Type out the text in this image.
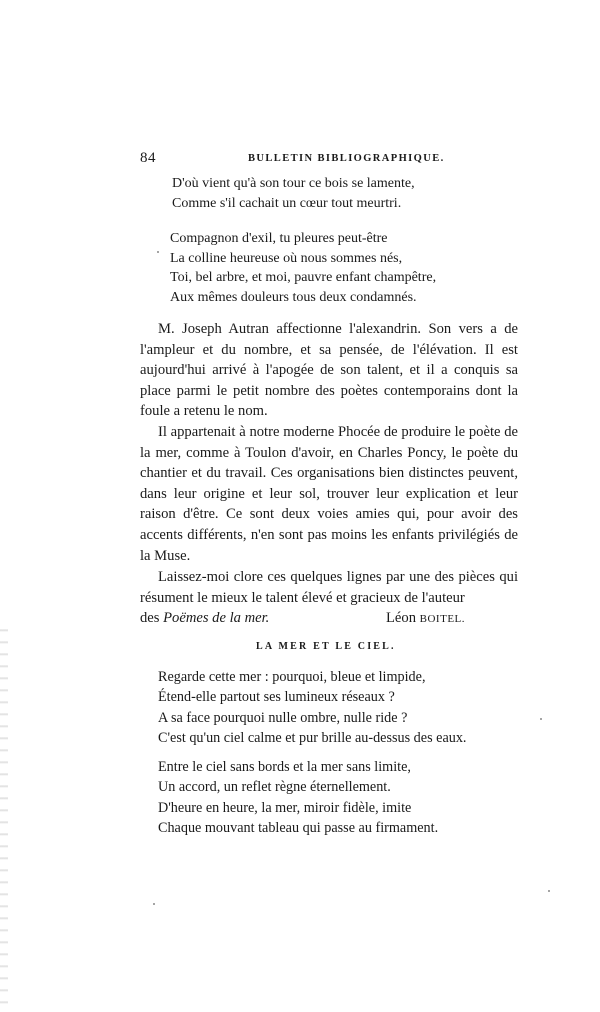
84	BULLETIN BIBLIOGRAPHIQUE.
D'où vient qu'à son tour ce bois se lamente,
Comme s'il cachait un cœur tout meurtri.
Compagnon d'exil, tu pleures peut-être
La colline heureuse où nous sommes nés,
Toi, bel arbre, et moi, pauvre enfant champêtre,
Aux mêmes douleurs tous deux condamnés.

M. Joseph Autran affectionne l'alexandrin. Son vers a de l'ampleur et du nombre, et sa pensée, de l'élévation. Il est aujourd'hui arrivé à l'apogée de son talent, et il a conquis sa place parmi le petit nombre des poètes contemporains dont la foule a retenu le nom.

Il appartenait à notre moderne Phocée de produire le poète de la mer, comme à Toulon d'avoir, en Charles Poncy, le poète du chantier et du travail. Ces organisations bien distinctes peuvent, dans leur origine et leur sol, trouver leur explication et leur raison d'être. Ce sont deux voies amies qui, pour avoir des accents différents, n'en sont pas moins les enfants privilégiés de la Muse.

Laissez-moi clore ces quelques lignes par une des pièces qui résument le mieux le talent élevé et gracieux de l'auteur

des Poëmes de la mer.	Léon BOITEL.
LA MER ET LE CIEL.
Regarde cette mer : pourquoi, bleue et limpide,
Étend-elle partout ses lumineux réseaux ?
A sa face pourquoi nulle ombre, nulle ride ?
C'est qu'un ciel calme et pur brille au-dessus des eaux.
Entre le ciel sans bords et la mer sans limite,
Un accord, un reflet règne éternellement.
D'heure en heure, la mer, miroir fidèle, imite
Chaque mouvant tableau qui passe au firmament.
